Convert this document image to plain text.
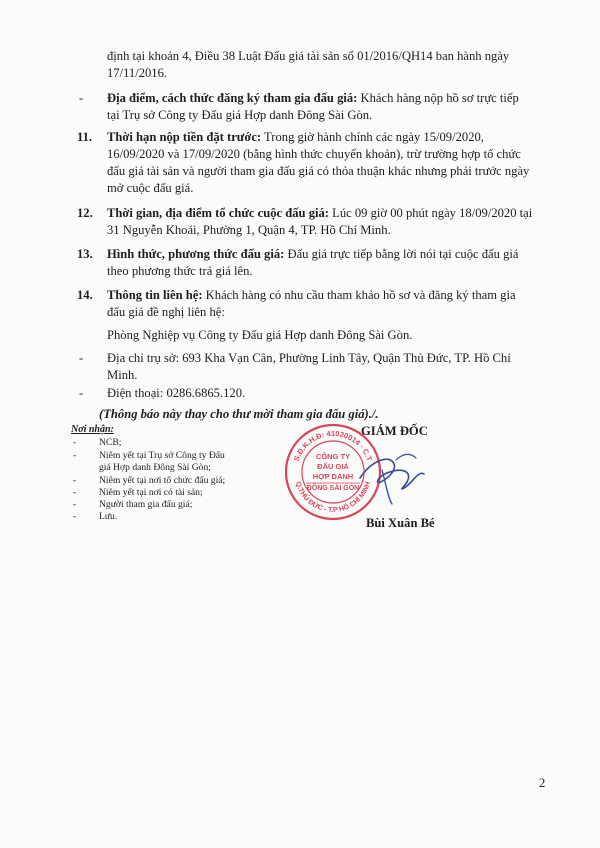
định tại khoản 4, Điều 38 Luật Đấu giá tài sản số 01/2016/QH14 ban hành ngày
17/11/2016.
- Địa điểm, cách thức đăng ký tham gia đấu giá: Khách hàng nộp hồ sơ trực tiếp
tại Trụ sở Công ty Đấu giá Hợp danh Đông Sài Gòn.
11. Thời hạn nộp tiền đặt trước: Trong giờ hành chính các ngày 15/09/2020,
16/09/2020 và 17/09/2020 (bằng hình thức chuyển khoản), trừ trường hợp tổ chức
đấu giá tài sản và người tham gia đấu giá có thỏa thuận khác nhưng phải trước ngày
mở cuộc đấu giá.
12. Thời gian, địa điểm tổ chức cuộc đấu giá: Lúc 09 giờ 00 phút ngày 18/09/2020 tại
31 Nguyễn Khoái, Phường 1, Quận 4, TP. Hồ Chí Minh.
13. Hình thức, phương thức đấu giá: Đấu giá trực tiếp bằng lời nói tại cuộc đấu giá
theo phương thức trả giá lên.
14. Thông tin liên hệ: Khách hàng có nhu cầu tham khảo hồ sơ và đăng ký tham gia
đấu giá đề nghị liên hệ:
Phòng Nghiệp vụ Công ty Đấu giá Hợp danh Đông Sài Gòn.
- Địa chỉ trụ sở: 693 Kha Vạn Cân, Phường Linh Tây, Quận Thủ Đức, TP. Hồ Chí
Minh.
- Điện thoại: 0286.6865.120.
(Thông báo này thay cho thư mời tham gia đấu giá)./.
Nơi nhận:
- NCB;
- Niêm yết tại Trụ sở Công ty Đấu
giá Hợp danh Đông Sài Gòn;
- Niêm yết tại nơi tổ chức đấu giá;
- Niêm yết tại nơi có tài sản;
- Người tham gia đấu giá;
- Lưu.
GIÁM ĐỐC
S.Đ.K.H.Đ: 41020014 · C.T
Q.THỦ ĐỨC - T.P HỒ CHÍ MINH
CÔNG TY
ĐẤU GIÁ
HỢP DANH
ĐÔNG SÀI GÒN
Bùi Xuân Bé
2
